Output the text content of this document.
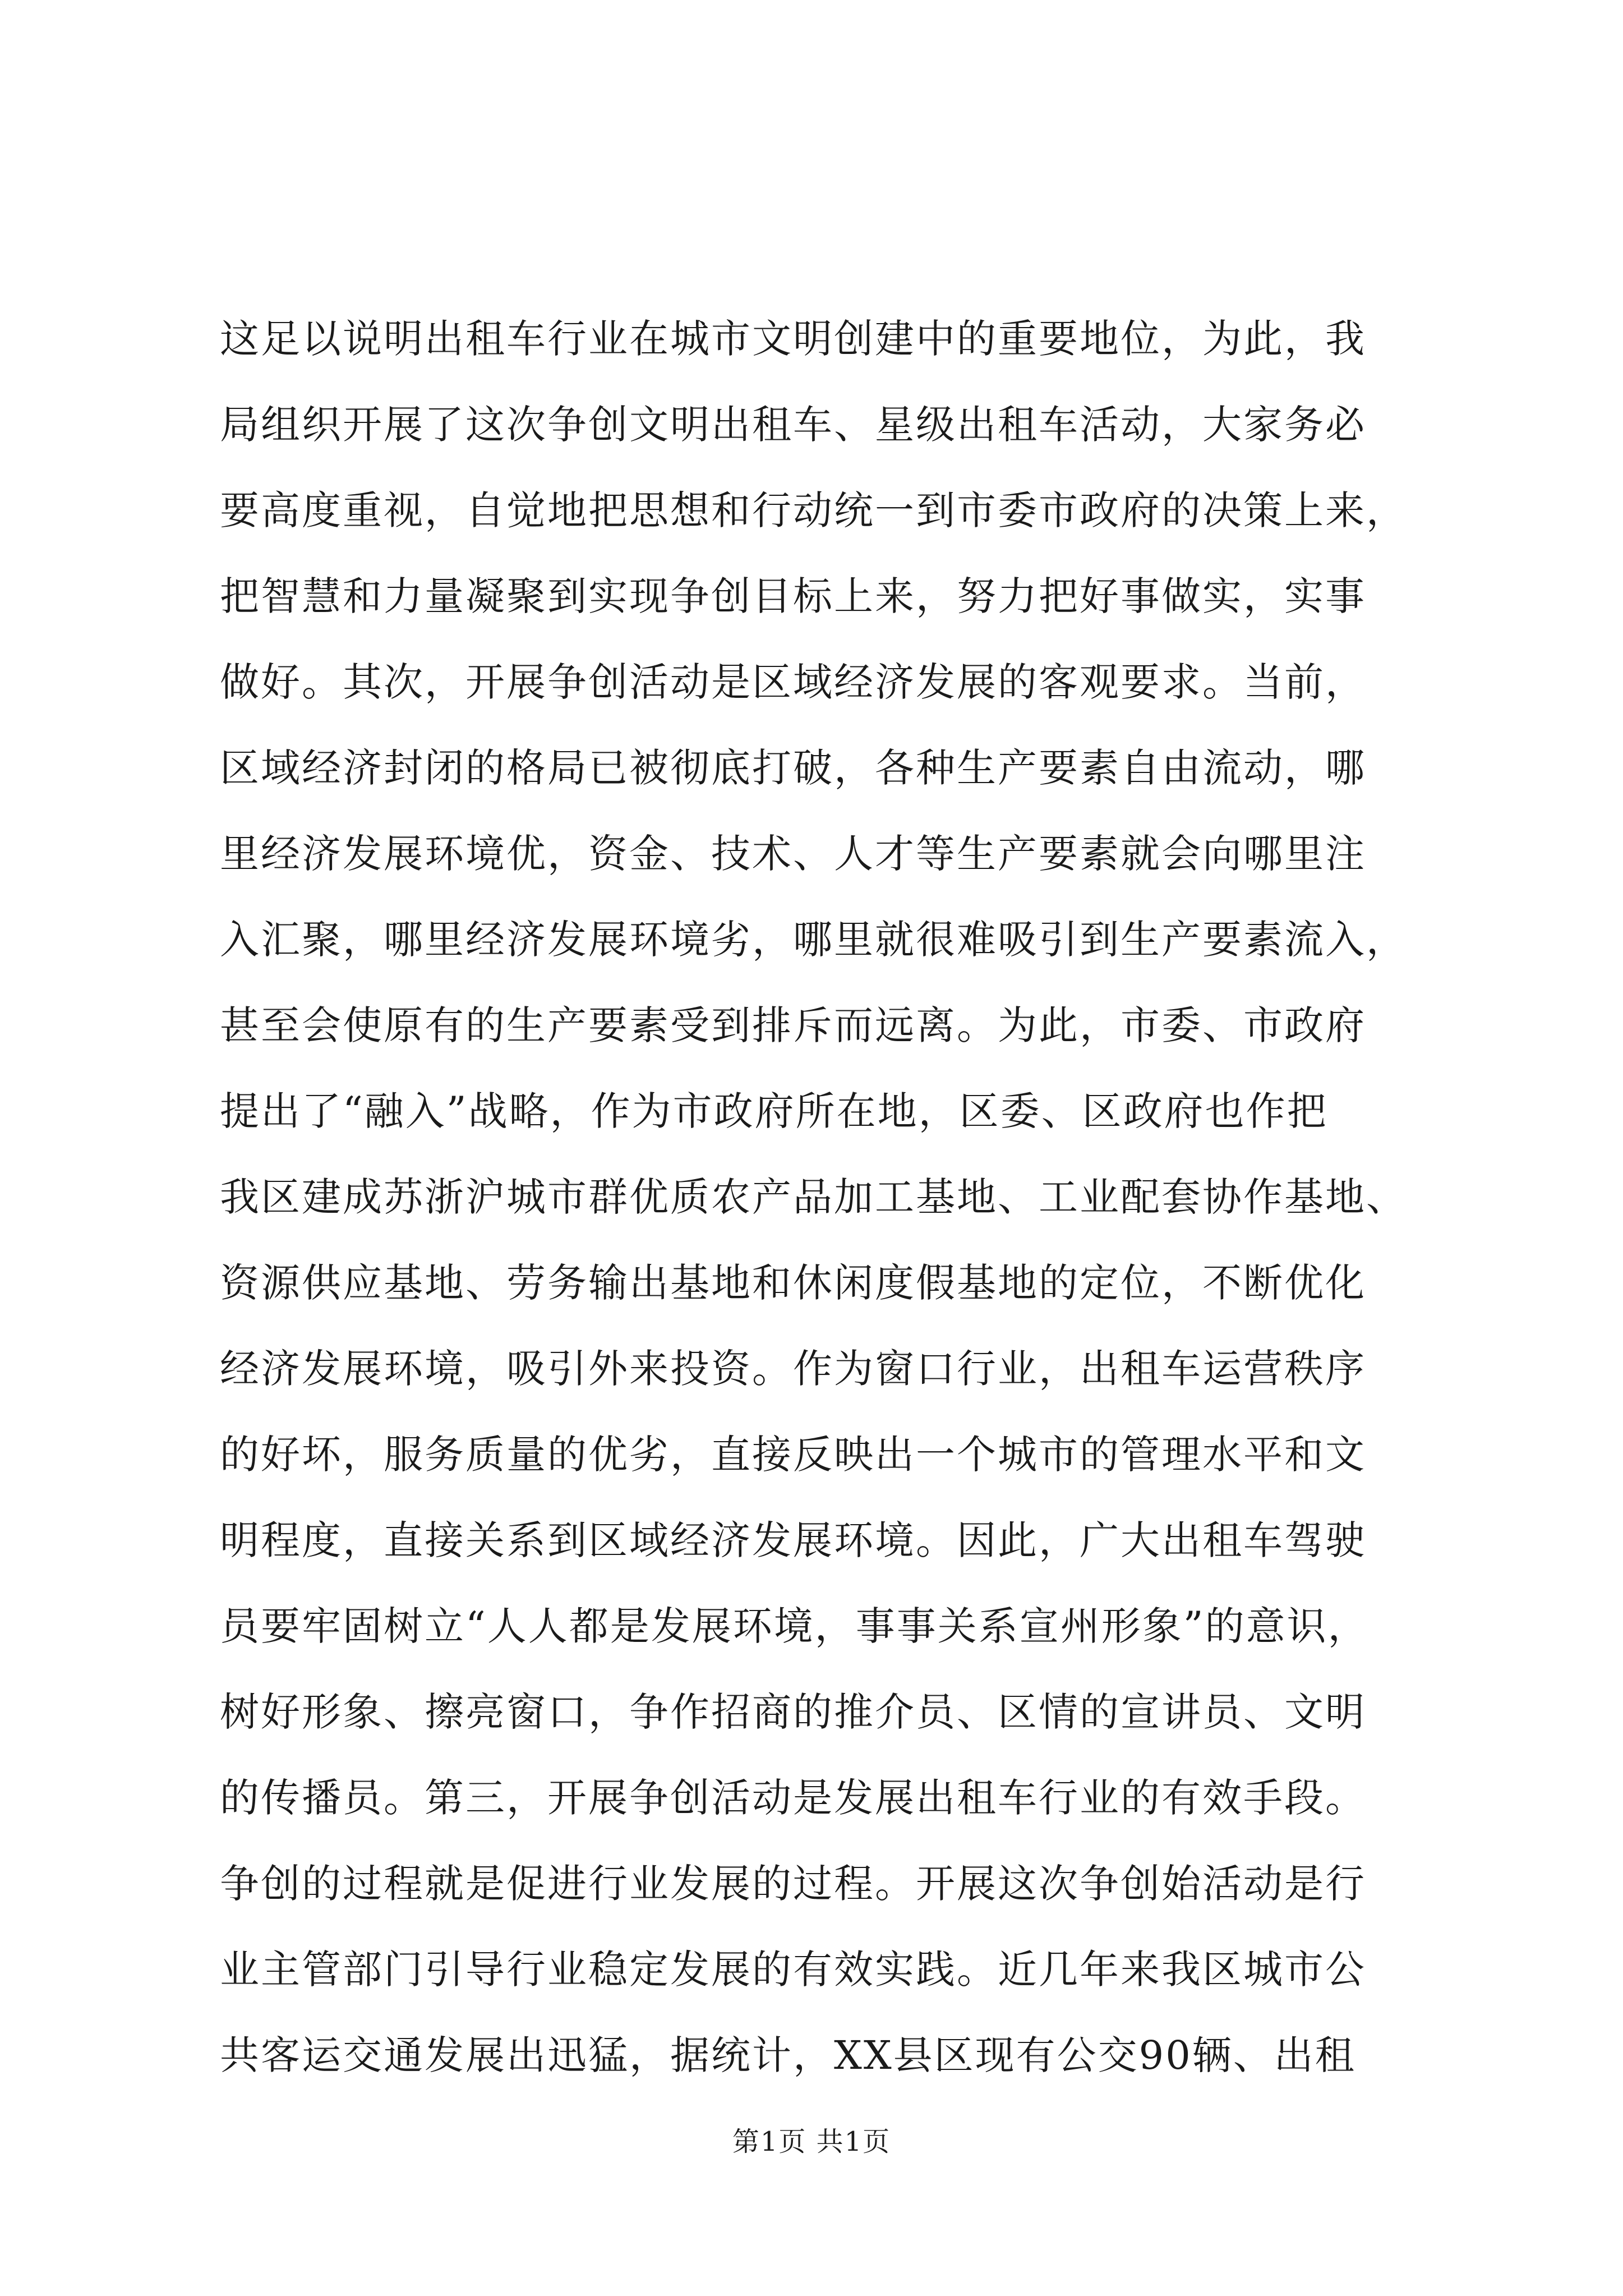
这足以说明出租车行业在城市文明创建中的重要地位，为此，我
局组织开展了这次争创文明出租车、星级出租车活动，大家务必
要高度重视，自觉地把思想和行动统一到市委市政府的决策上来，
把智慧和力量凝聚到实现争创目标上来，努力把好事做实，实事
做好。其次，开展争创活动是区域经济发展的客观要求。当前，
区域经济封闭的格局已被彻底打破，各种生产要素自由流动，哪
里经济发展环境优，资金、技术、人才等生产要素就会向哪里注
入汇聚，哪里经济发展环境劣，哪里就很难吸引到生产要素流入，
甚至会使原有的生产要素受到排斥而远离。为此，市委、市政府
提出了“融入”战略，作为市政府所在地，区委、区政府也作把
我区建成苏浙沪城市群优质农产品加工基地、工业配套协作基地、
资源供应基地、劳务输出基地和休闲度假基地的定位，不断优化
经济发展环境，吸引外来投资。作为窗口行业，出租车运营秩序
的好坏，服务质量的优劣，直接反映出一个城市的管理水平和文
明程度，直接关系到区域经济发展环境。因此，广大出租车驾驶
员要牢固树立“人人都是发展环境，事事关系宣州形象”的意识，
树好形象、擦亮窗口，争作招商的推介员、区情的宣讲员、文明
的传播员。第三，开展争创活动是发展出租车行业的有效手段。
争创的过程就是促进行业发展的过程。开展这次争创始活动是行
业主管部门引导行业稳定发展的有效实践。近几年来我区城市公
共客运交通发展出迅猛，据统计，XX县区现有公交90辆、出租
第1页 共1页
